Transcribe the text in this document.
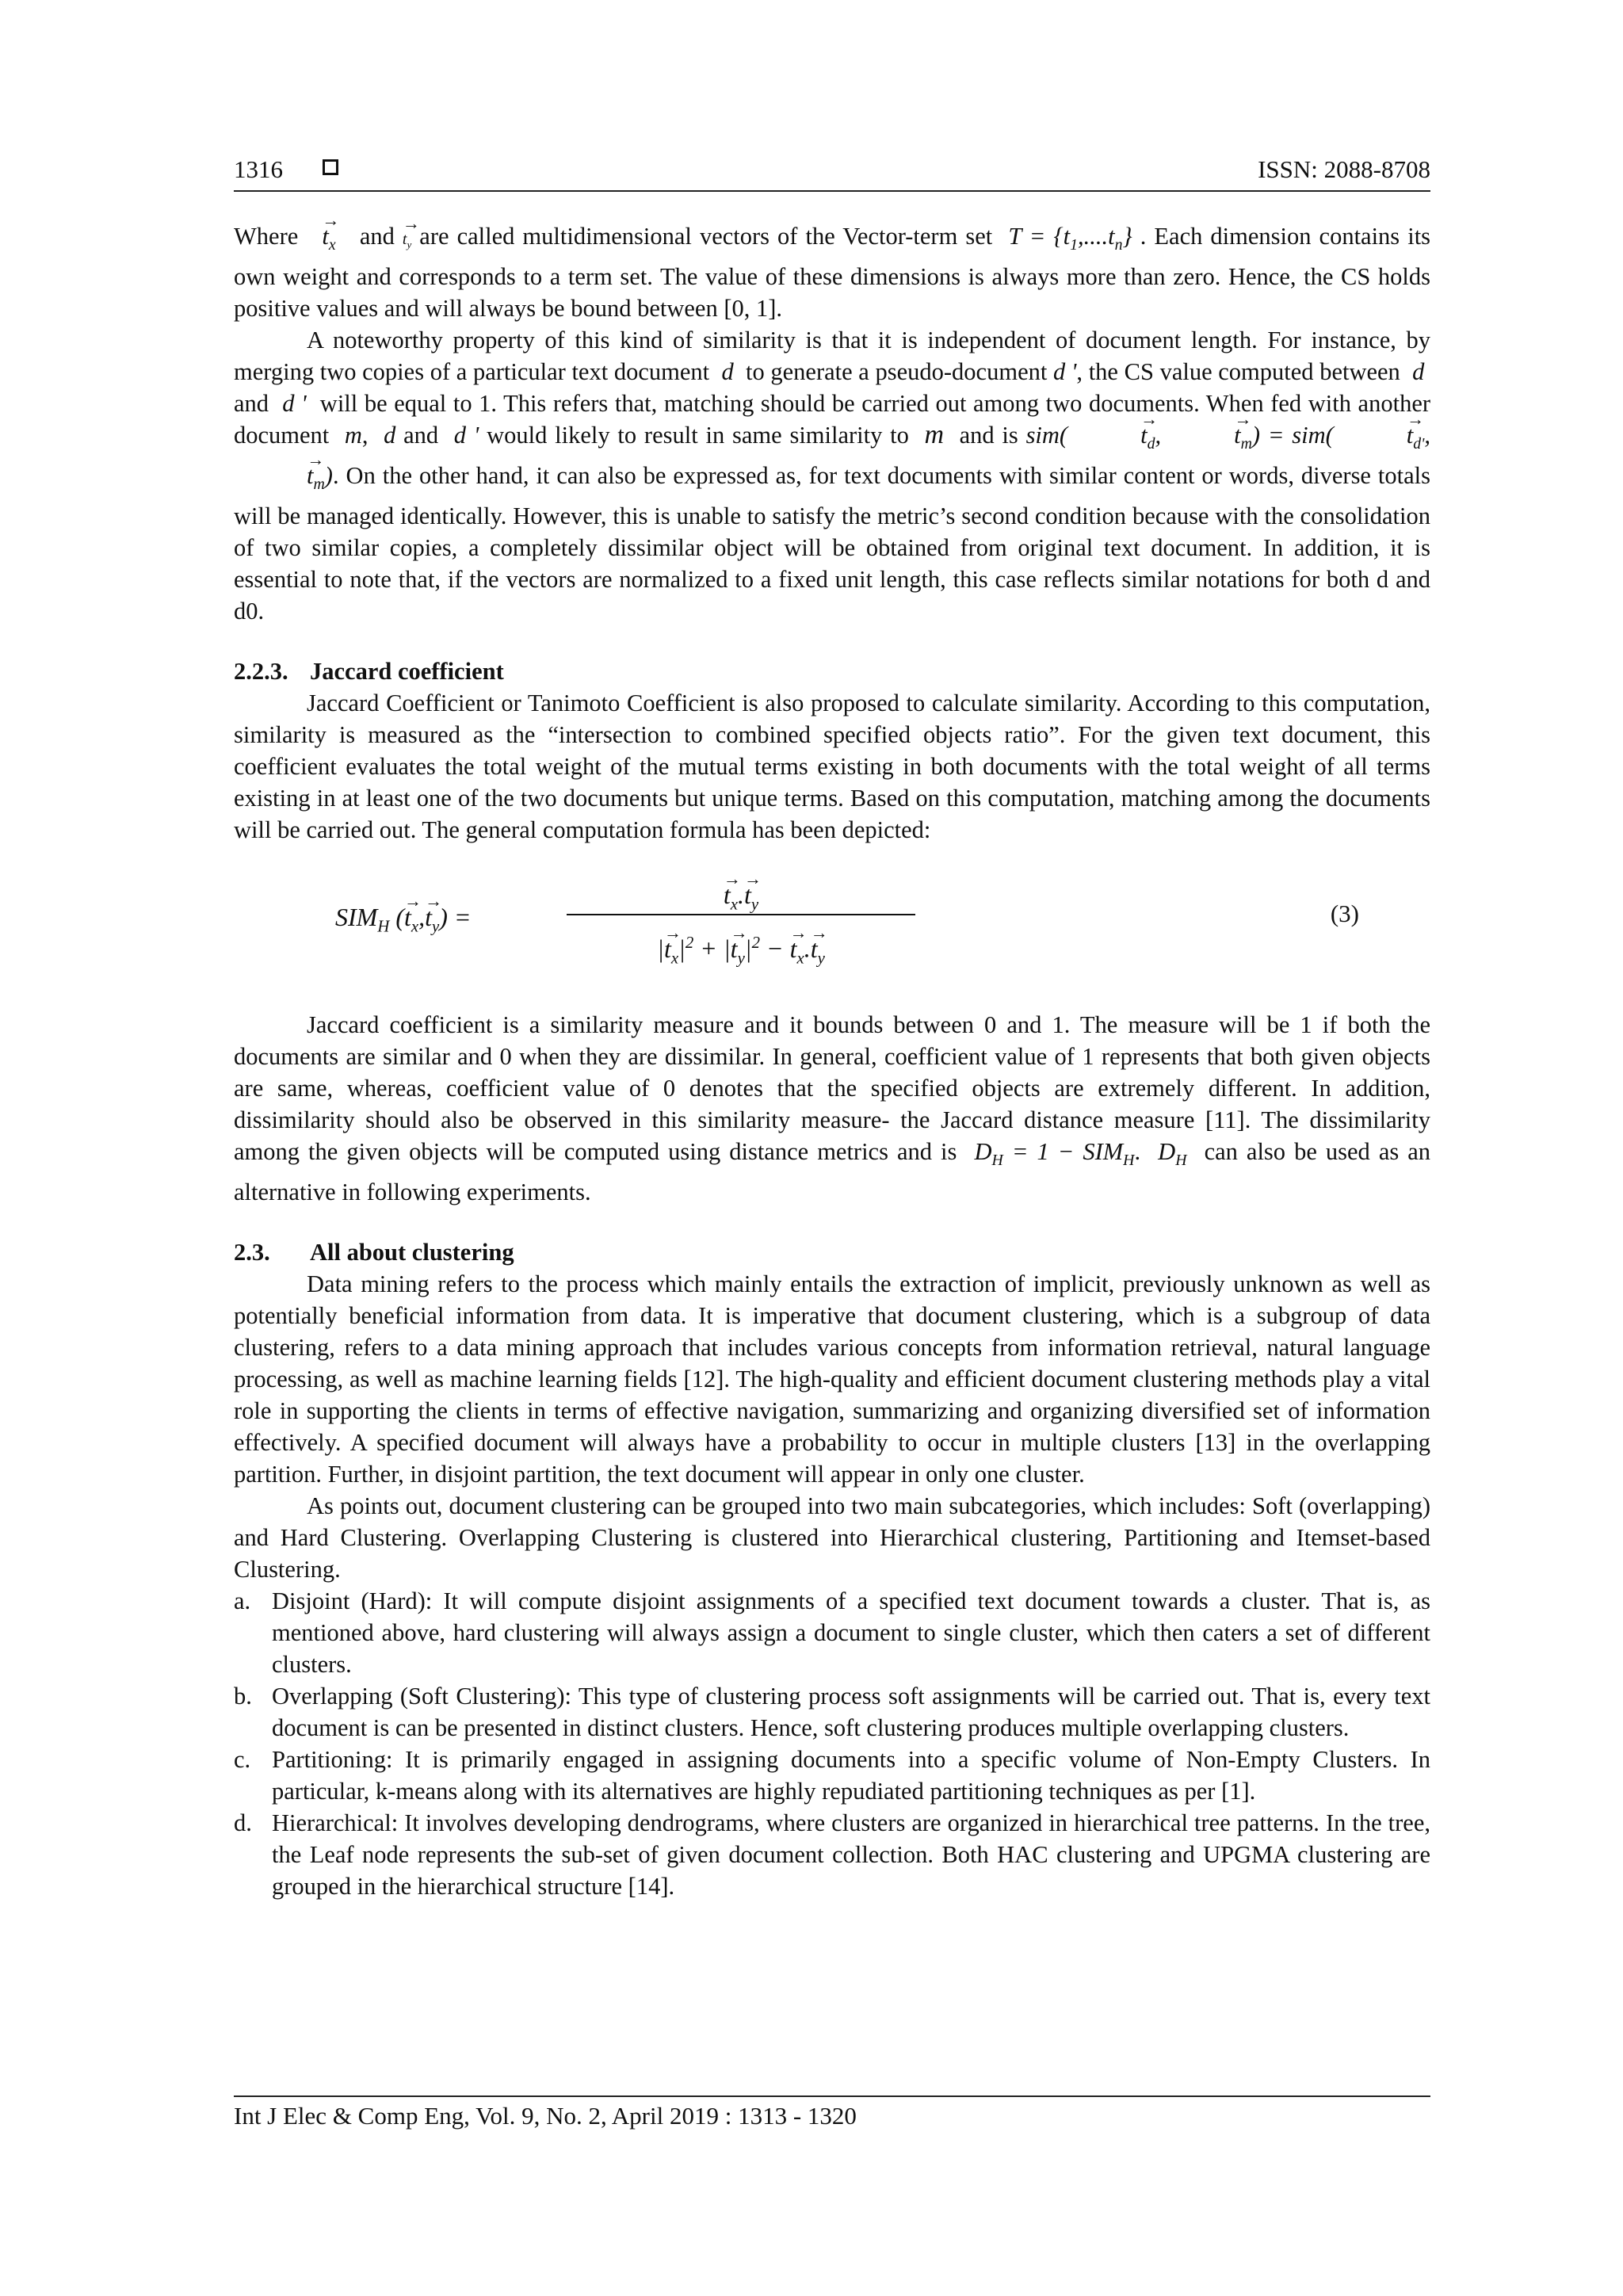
1316	ISSN: 2088-8708

Where   → $t_x$ and → $t_y$ are called multidimensional vectors of the Vector-term set $T = \{t_1,....t_n\}$ . Each dimension contains its own weight and corresponds to a term set. The value of these dimensions is always more than zero. Hence, the CS holds positive values and will always be bound between [0, 1].

A noteworthy property of this kind of similarity is that it is independent of document length. For instance, by merging two copies of a particular text document d to generate a pseudo-document d ', the CS value computed between d  and d ' will be equal to 1. This refers that, matching should be carried out among two documents. When fed with another document m, d and d ' would likely to result in same similarity to m and is sim(→	$t_d,\to$	$t_m) = sim(\to$	$t_{d'},\to t_m$). On the other hand, it can also be expressed as, for text documents with similar content or words, diverse totals will be managed identically. However, this is unable to satisfy the metric’s second condition because with the consolidation of two similar copies, a completely dissimilar object will be obtained from original text document. In addition, it is essential to note that, if the vectors are normalized to a fixed unit length, this case reflects similar notations for both d and d0.

2.2.3. Jaccard coefficient

Jaccard Coefficient or Tanimoto Coefficient is also proposed to calculate similarity. According to this computation, similarity is measured as the “intersection to combined specified objects ratio”. For the given text document, this coefficient evaluates the total weight of the mutual terms existing in both documents with the total weight of all terms existing in at least one of the two documents but unique terms. Based on this computation, matching among the documents will be carried out. The general computation formula has been depicted:

$SIM_H$ (→ $t_x,\to t_y$) =
→ $t_x.\to t_y$
|→ $t_x|^2$ + |→ $t_y|^2$ − → $t_x.\to t_y$
(3)

Jaccard coefficient is a similarity measure and it bounds between 0 and 1. The measure will be 1 if both the documents are similar and 0 when they are dissimilar. In general, coefficient value of 1 represents that both given objects are same, whereas, coefficient value of 0 denotes that the specified objects are extremely different. In addition, dissimilarity should also be observed in this similarity measure- the Jaccard distance measure [11]. The dissimilarity among the given objects will be computed using distance metrics and is $D_H = 1 - SIM_H$.  $D_H$ can also be used as an alternative in following experiments.

2.3. All about clustering

Data mining refers to the process which mainly entails the extraction of implicit, previously unknown as well as potentially beneficial information from data. It is imperative that document clustering, which is a subgroup of data clustering, refers to a data mining approach that includes various concepts from information retrieval, natural language processing, as well as machine learning fields [12]. The high-quality and efficient document clustering methods play a vital role in supporting the clients in terms of effective navigation, summarizing and organizing diversified set of information effectively. A specified document will always have a probability to occur in multiple clusters [13] in the overlapping partition. Further, in disjoint partition, the text document will appear in only one cluster.

As points out, document clustering can be grouped into two main subcategories, which includes: Soft (overlapping) and Hard Clustering. Overlapping Clustering is clustered into Hierarchical clustering, Partitioning and Itemset-based Clustering.

a. Disjoint (Hard): It will compute disjoint assignments of a specified text document towards a cluster. That is, as mentioned above, hard clustering will always assign a document to single cluster, which then caters a set of different clusters.
b. Overlapping (Soft Clustering): This type of clustering process soft assignments will be carried out. That is, every text document is can be presented in distinct clusters. Hence, soft clustering produces multiple overlapping clusters.
c. Partitioning: It is primarily engaged in assigning documents into a specific volume of Non-Empty Clusters. In particular, k-means along with its alternatives are highly repudiated partitioning techniques as per [1].
d. Hierarchical: It involves developing dendrograms, where clusters are organized in hierarchical tree patterns. In the tree, the Leaf node represents the sub-set of given document collection. Both HAC clustering and UPGMA clustering are grouped in the hierarchical structure [14].
Int J Elec & Comp Eng, Vol. 9, No. 2, April 2019 : 1313 - 1320
